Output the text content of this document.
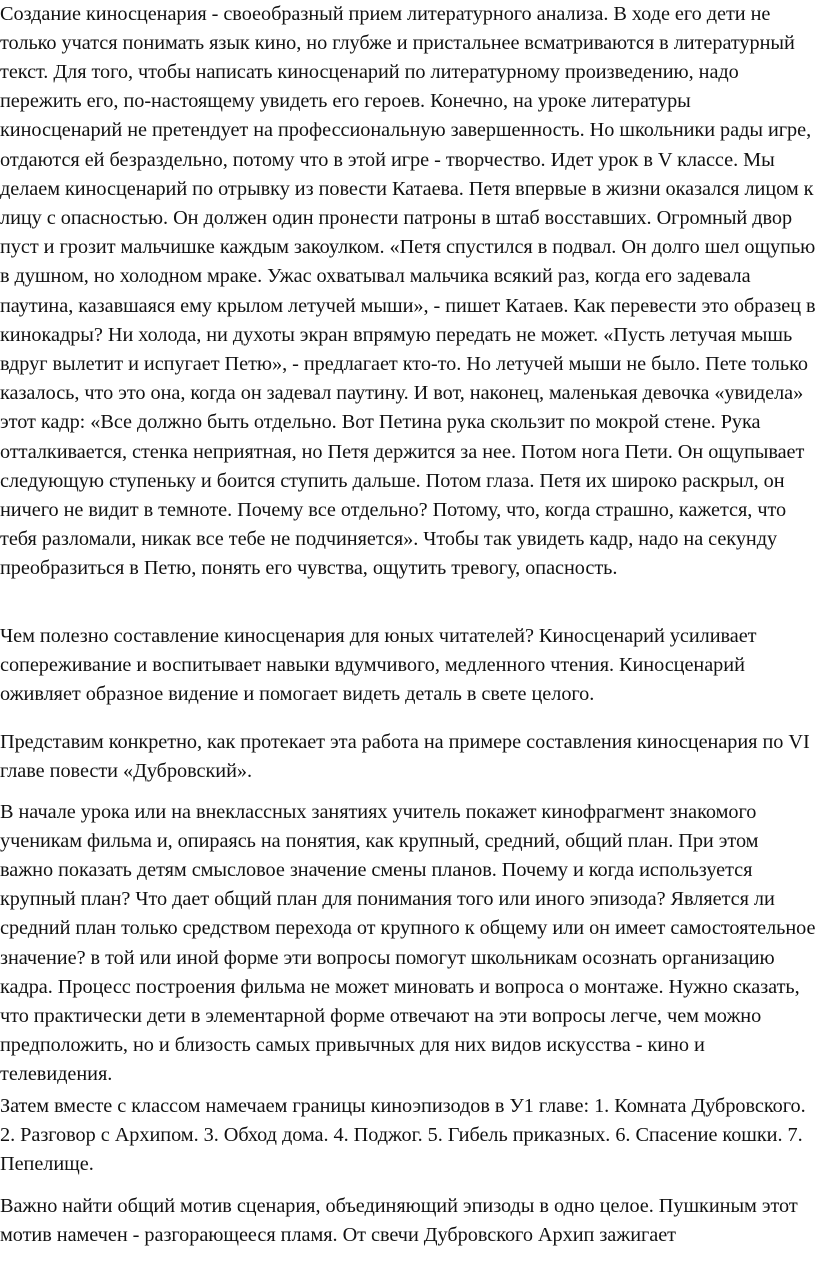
Создание киносценария - своеобразный прием литературного анализа. В ходе его дети не только учатся понимать язык кино, но глубже и пристальнее всматриваются в литературный текст. Для того, чтобы написать киносценарий по литературному произведению, надо пережить его, по-настоящему увидеть его героев. Конечно, на уроке литературы киносценарий не претендует на профессиональную завершенность. Но школьники рады игре, отдаются ей безраздельно, потому что в этой игре - творчество. Идет урок в V классе. Мы делаем киносценарий по отрывку из повести Катаева. Петя впервые в жизни оказался лицом к лицу с опасностью. Он должен один пронести патроны в штаб восставших. Огромный двор пуст и грозит мальчишке каждым закоулком. «Петя спустился в подвал. Он долго шел ощупью в душном, но холодном мраке. Ужас охватывал мальчика всякий раз, когда его задевала паутина, казавшаяся ему крылом летучей мыши», - пишет Катаев. Как перевести это образец в кинокадры? Ни холода, ни духоты экран впрямую передать не может. «Пусть летучая мышь вдруг вылетит и испугает Петю», - предлагает кто-то. Но летучей мыши не было. Пете только казалось, что это она, когда он задевал паутину. И вот, наконец, маленькая девочка «увидела» этот кадр: «Все должно быть отдельно. Вот Петина рука скользит по мокрой стене. Рука отталкивается, стенка неприятная, но Петя держится за нее. Потом нога Пети. Он ощупывает следующую ступеньку и боится ступить дальше. Потом глаза. Петя их широко раскрыл, он ничего не видит в темноте. Почему все отдельно? Потому, что, когда страшно, кажется, что тебя разломали, никак все тебе не подчиняется». Чтобы так увидеть кадр, надо на секунду преобразиться в Петю, понять его чувства, ощутить тревогу, опасность.

Чем полезно составление киносценария для юных читателей? Киносценарий усиливает сопереживание и воспитывает навыки вдумчивого, медленного чтения. Киносценарий оживляет образное видение и помогает видеть деталь в свете целого.

Представим конкретно, как протекает эта работа на примере составления киносценария по VI главе повести «Дубровский».

В начале урока или на внеклассных занятиях учитель покажет кинофрагмент знакомого ученикам фильма и, опираясь на понятия, как крупный, средний, общий план. При этом важно показать детям смысловое значение смены планов. Почему и когда используется крупный план? Что дает общий план для понимания того или иного эпизода? Является ли средний план только средством перехода от крупного к общему или он имеет самостоятельное значение? в той или иной форме эти вопросы помогут школьникам осознать организацию кадра. Процесс построения фильма не может миновать и вопроса о монтаже. Нужно сказать, что практически дети в элементарной форме отвечают на эти вопросы легче, чем можно предположить, но и близость самых привычных для них видов искусства - кино и телевидения.

Затем вместе с классом намечаем границы киноэпизодов в У1 главе: 1. Комната Дубровского. 2. Разговор с Архипом. 3. Обход дома. 4. Поджог. 5. Гибель приказных. 6. Спасение кошки. 7. Пепелище.

Важно найти общий мотив сценария, объединяющий эпизоды в одно целое. Пушкиным этот мотив намечен - разгорающееся пламя. От свечи Дубровского Архип зажигает
